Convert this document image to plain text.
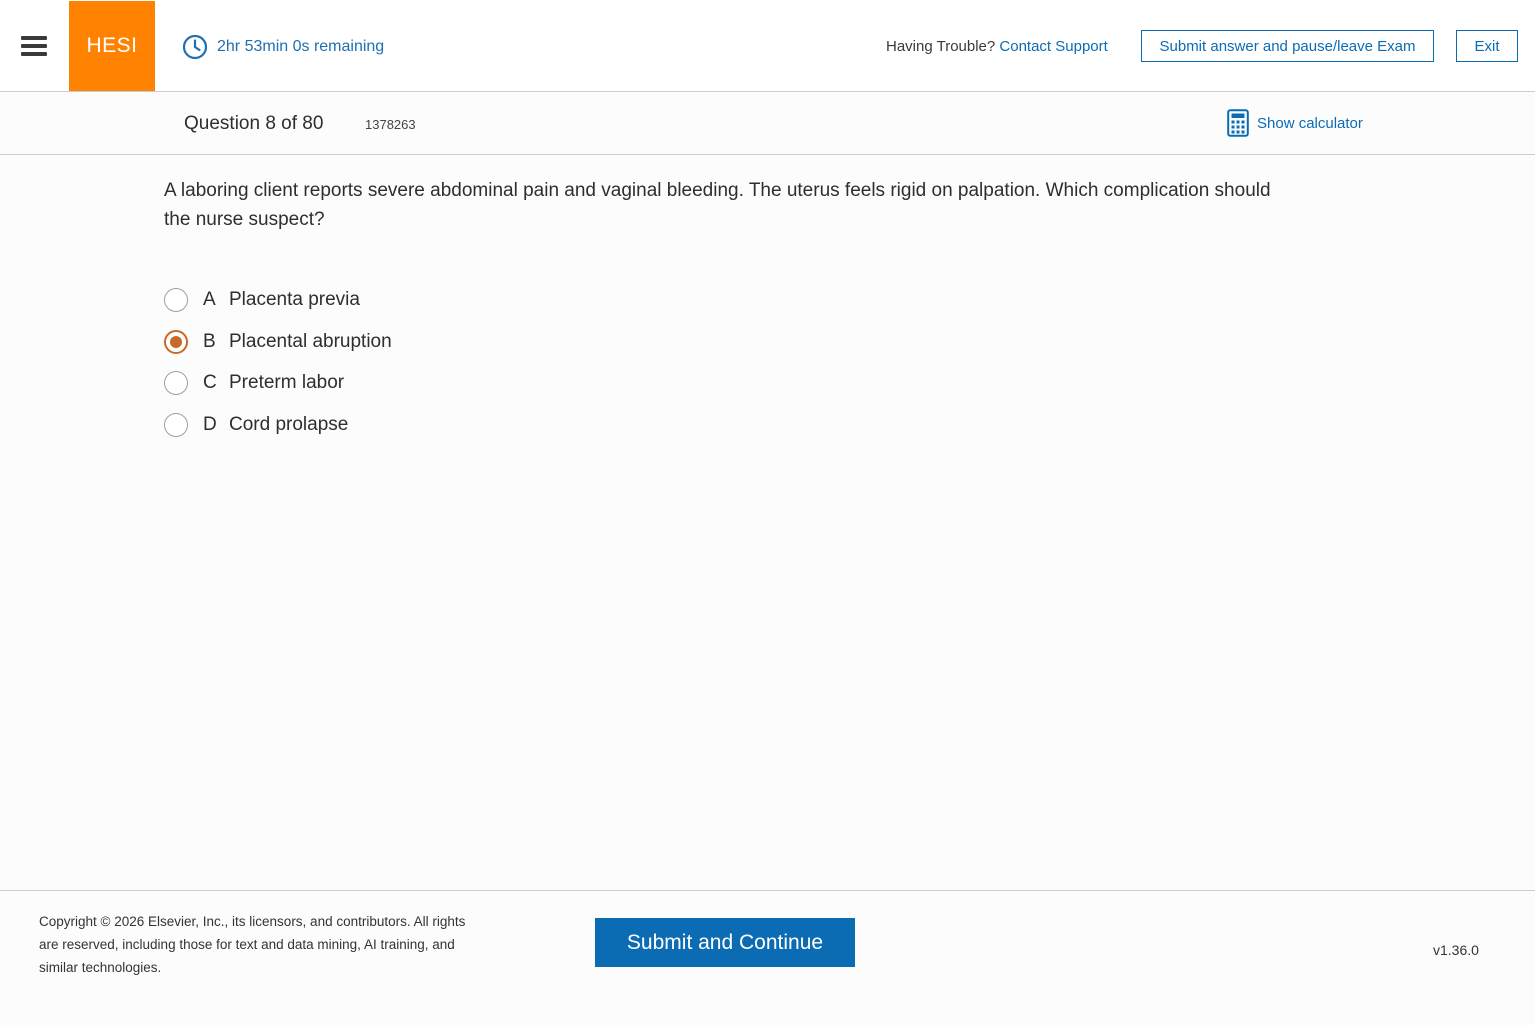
HESI	2hr 53min 0s remaining	Having Trouble? Contact Support	Submit answer and pause/leave Exam	Exit
Question 8 of 80	1378263	Show calculator
A laboring client reports severe abdominal pain and vaginal bleeding. The uterus feels rigid on palpation. Which complication should the nurse suspect?
A Placenta previa
B Placental abruption
C Preterm labor
D Cord prolapse
Copyright © 2026 Elsevier, Inc., its licensors, and contributors. All rights are reserved, including those for text and data mining, AI training, and similar technologies.
Submit and Continue	v1.36.0
